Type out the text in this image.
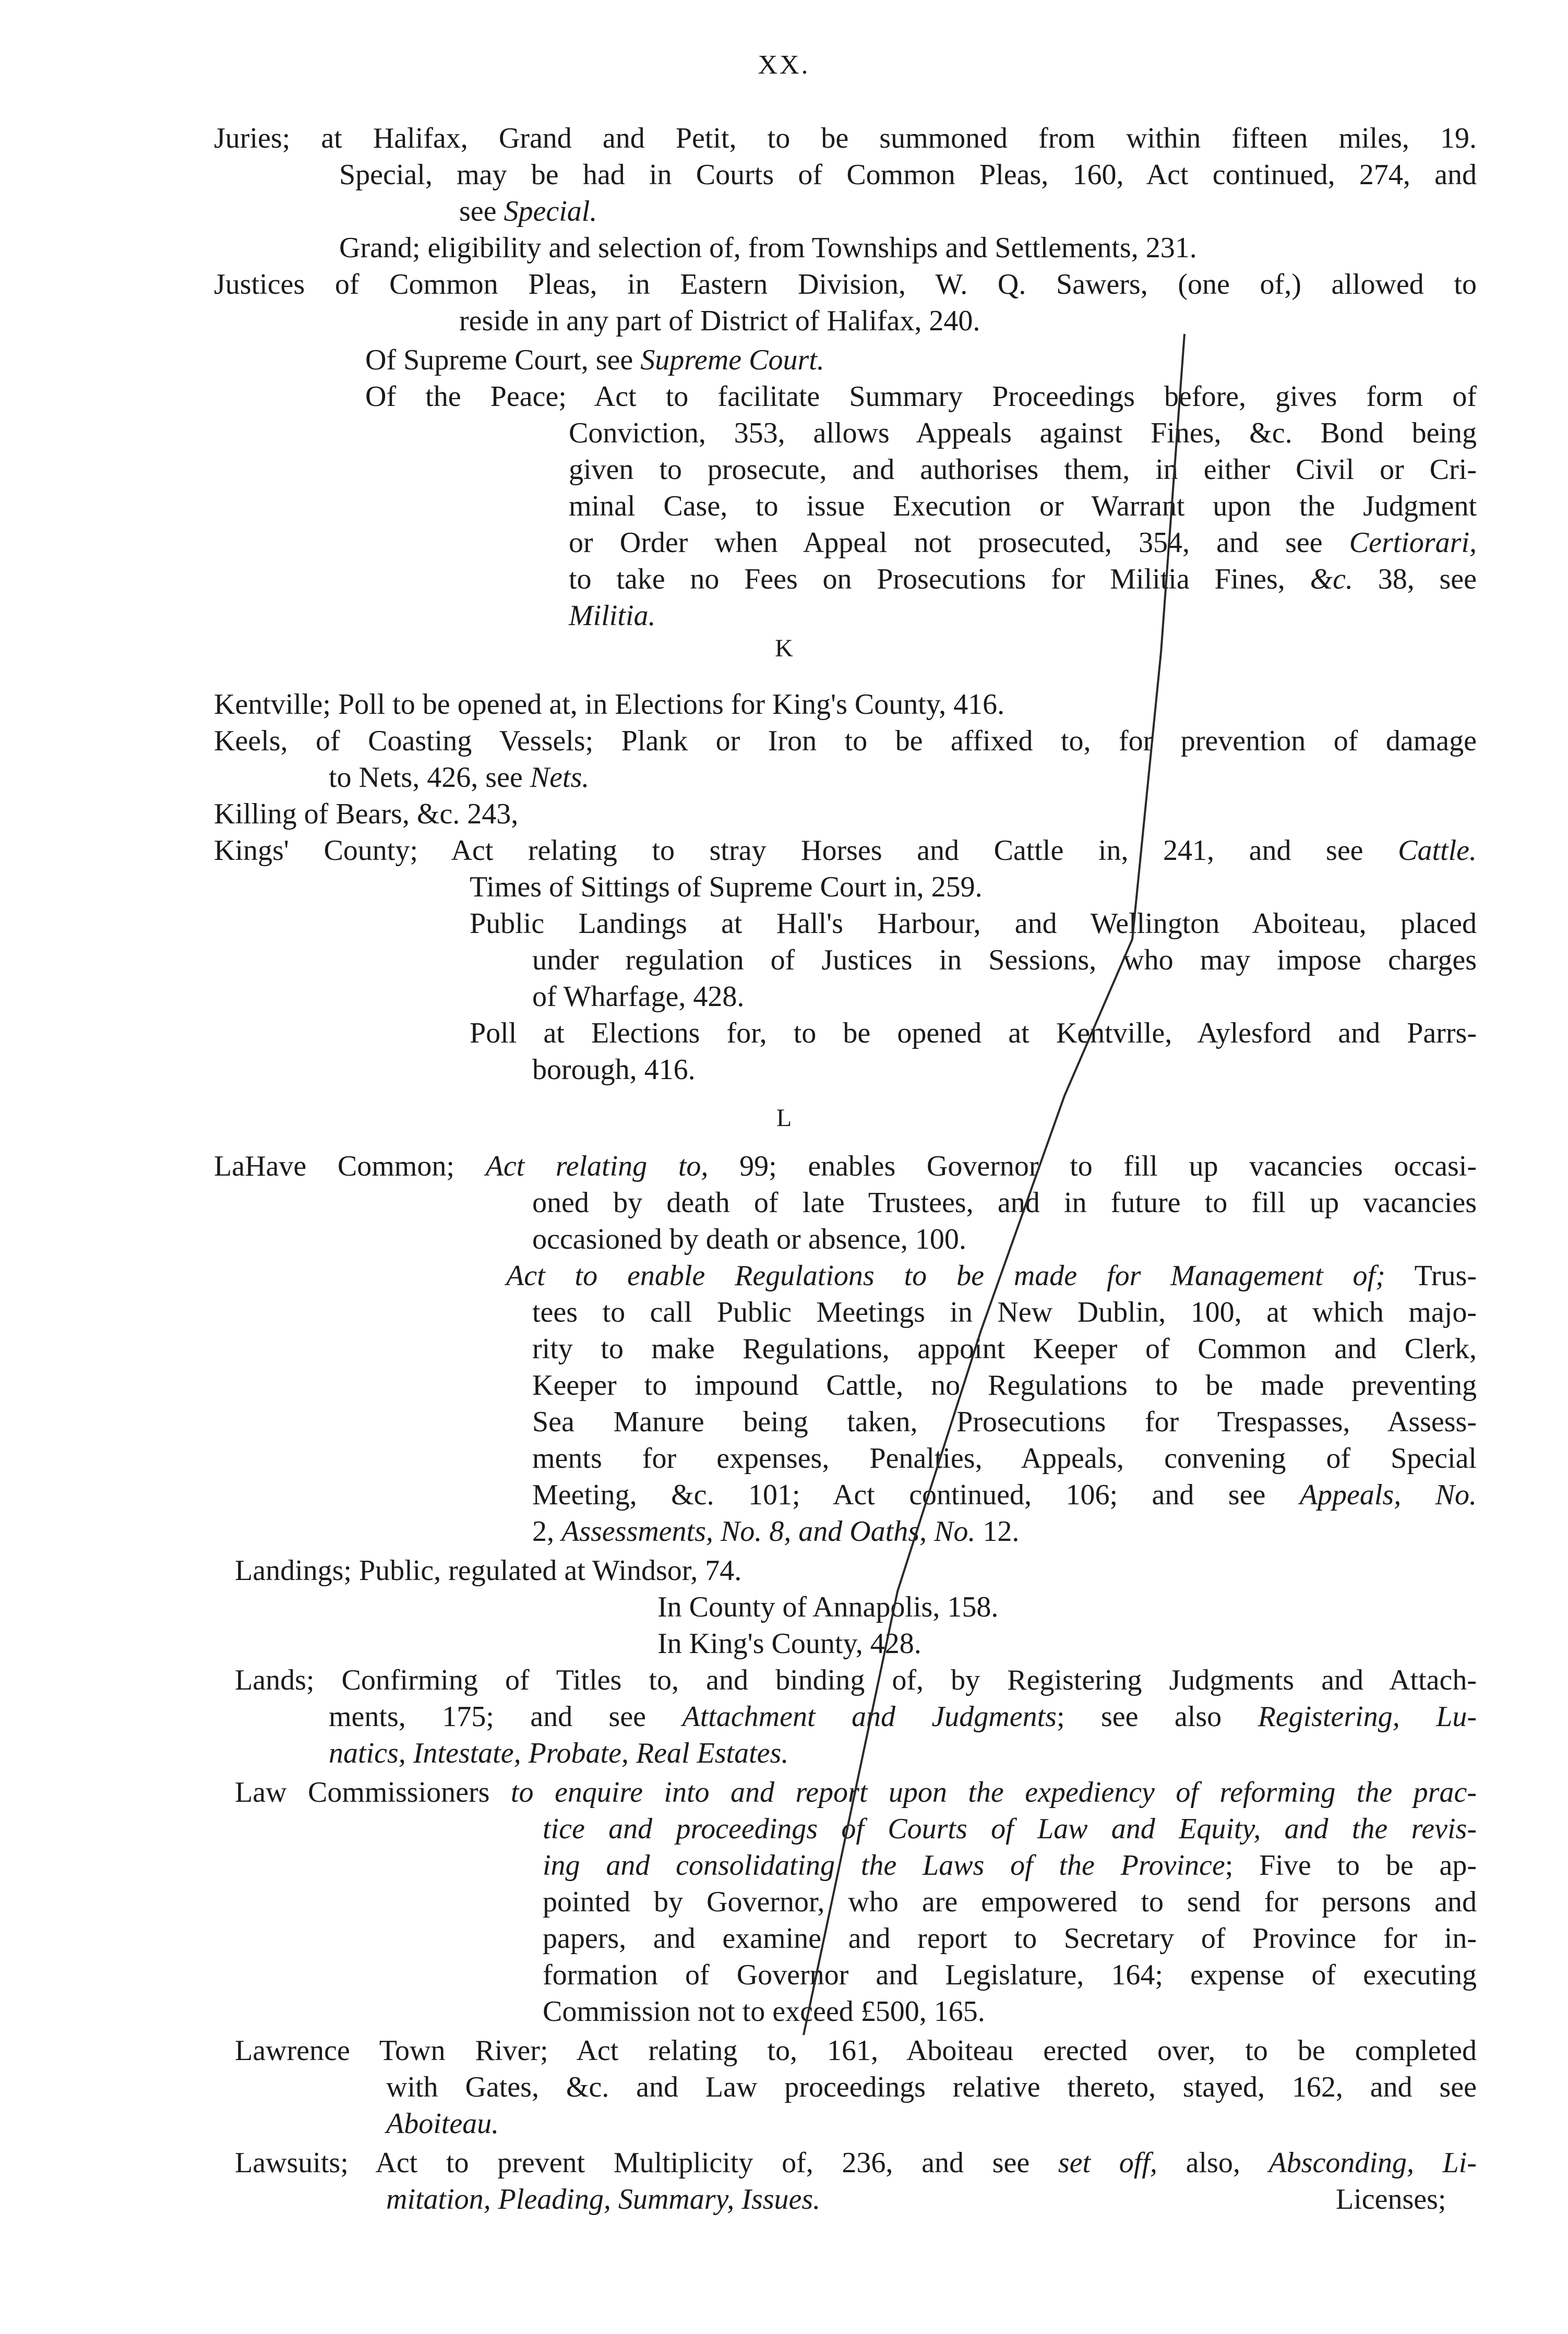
XX.
K
L
Juries; at Halifax, Grand and Petit, to be summoned from within fifteen miles, 19.
Special, may be had in Courts of Common Pleas, 160, Act continued, 274, and
see Special.
Grand; eligibility and selection of, from Townships and Settlements, 231.
Justices of Common Pleas, in Eastern Division, W. Q. Sawers, (one of,) allowed to
reside in any part of District of Halifax, 240.
Of Supreme Court, see Supreme Court.
Of the Peace; Act to facilitate Summary Proceedings before, gives form of
Conviction, 353, allows Appeals against Fines, &c. Bond being
given to prosecute, and authorises them, in either Civil or Cri-
minal Case, to issue Execution or Warrant upon the Judgment
or Order when Appeal not prosecuted, 354, and see Certiorari,
to take no Fees on Prosecutions for Militia Fines, &c. 38, see
Militia.
Kentville; Poll to be opened at, in Elections for King's County, 416.
Keels, of Coasting Vessels; Plank or Iron to be affixed to, for prevention of damage
to Nets, 426, see Nets.
Killing of Bears, &c. 243,
Kings' County; Act relating to stray Horses and Cattle in, 241, and see Cattle.
Times of Sittings of Supreme Court in, 259.
Public Landings at Hall's Harbour, and Wellington Aboiteau, placed
under regulation of Justices in Sessions, who may impose charges
of Wharfage, 428.
Poll at Elections for, to be opened at Kentville, Aylesford and Parrs-
borough, 416.
LaHave Common; Act relating to, 99; enables Governor to fill up vacancies occasi-
oned by death of late Trustees, and in future to fill up vacancies
occasioned by death or absence, 100.
Act to enable Regulations to be made for Management of; Trus-
tees to call Public Meetings in New Dublin, 100, at which majo-
rity to make Regulations, appoint Keeper of Common and Clerk,
Keeper to impound Cattle, no Regulations to be made preventing
Sea Manure being taken, Prosecutions for Trespasses, Assess-
ments for expenses, Penalties, Appeals, convening of Special
Meeting, &c. 101; Act continued, 106; and see Appeals, No.
2, Assessments, No. 8, and Oaths, No. 12.
Landings; Public, regulated at Windsor, 74.
In County of Annapolis, 158.
In King's County, 428.
Lands; Confirming of Titles to, and binding of, by Registering Judgments and Attach-
ments, 175; and see Attachment and Judgments; see also Registering, Lu-
natics, Intestate, Probate, Real Estates.
Law Commissioners to enquire into and report upon the expediency of reforming the prac-
tice and proceedings of Courts of Law and Equity, and the revis-
ing and consolidating the Laws of the Province; Five to be ap-
pointed by Governor, who are empowered to send for persons and
papers, and examine and report to Secretary of Province for in-
formation of Governor and Legislature, 164; expense of executing
Commission not to exceed £500, 165.
Lawrence Town River; Act relating to, 161, Aboiteau erected over, to be completed
with Gates, &c. and Law proceedings relative thereto, stayed, 162, and see
Aboiteau.
Lawsuits; Act to prevent Multiplicity of, 236, and see set off, also, Absconding, Li-
mitation, Pleading, Summary, Issues.	Licenses;
